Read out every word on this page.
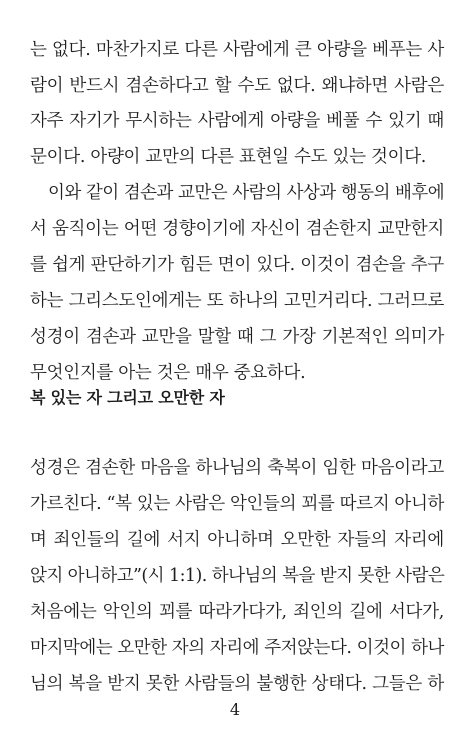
는 없다. 마찬가지로 다른 사람에게 큰 아량을 베푸는 사
람이 반드시 겸손하다고 할 수도 없다. 왜냐하면 사람은
자주 자기가 무시하는 사람에게 아량을 베풀 수 있기 때
문이다. 아량이 교만의 다른 표현일 수도 있는 것이다.
이와 같이 겸손과 교만은 사람의 사상과 행동의 배후에
서 움직이는 어떤 경향이기에 자신이 겸손한지 교만한지
를 쉽게 판단하기가 힘든 면이 있다. 이것이 겸손을 추구
하는 그리스도인에게는 또 하나의 고민거리다. 그러므로
성경이 겸손과 교만을 말할 때 그 가장 기본적인 의미가
무엇인지를 아는 것은 매우 중요하다.
복 있는 자 그리고 오만한 자
성경은 겸손한 마음을 하나님의 축복이 임한 마음이라고
가르친다. “복 있는 사람은 악인들의 꾀를 따르지 아니하
며 죄인들의 길에 서지 아니하며 오만한 자들의 자리에
앉지 아니하고”(시 1:1). 하나님의 복을 받지 못한 사람은
처음에는 악인의 꾀를 따라가다가, 죄인의 길에 서다가,
마지막에는 오만한 자의 자리에 주저앉는다. 이것이 하나
님의 복을 받지 못한 사람들의 불행한 상태다. 그들은 하
4
